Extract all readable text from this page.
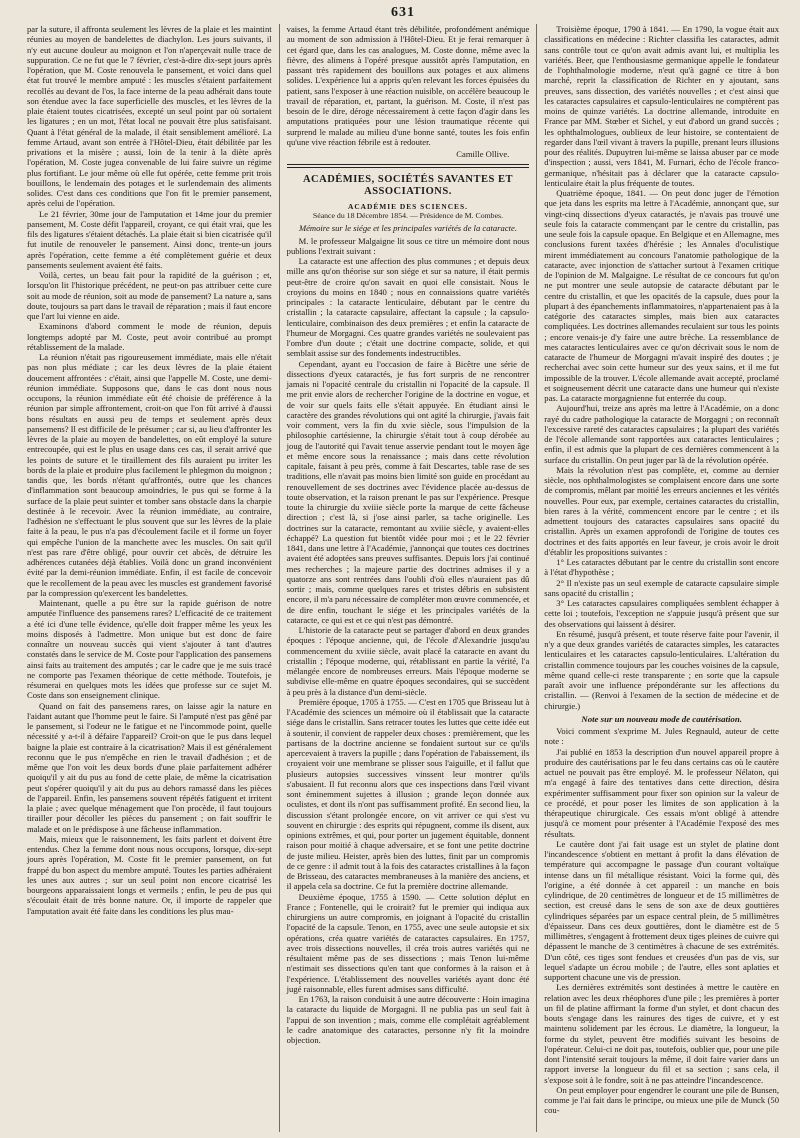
631

par la suture, il affronta seulement les lèvres de la plaie et les maintint réunies au moyen de bandelettes de diachylon. Les jours suivants, il n'y eut aucune douleur au moignon et l'on n'aperçevait nulle trace de suppuration. Ce ne fut que le 7 février, c'est-à-dire dix-sept jours après l'opération, que M. Coste renouvela le pansement, et voici dans quel état fut trouvé le membre amputé : les muscles s'étaient parfaitement recollés au devant de l'os, la face interne de la peau adhérait dans toute son étendue avec la face superficielle des muscles, et les lèvres de la plaie étaient toutes cicatrisées, excepté un seul point par où sortaient les ligatures ; en un mot, l'état local ne pouvait être plus satisfaisant. Quant à l'état général de la malade, il était sensiblement amélioré. La femme Artaud, avant son entrée à l'Hôtel-Dieu, était débilitée par les privations et la misère ; aussi, loin de la tenir à la diète après l'opération, M. Coste jugea convenable de lui faire suivre un régime plus fortifiant. Le jour même où elle fut opérée, cette femme prit trois bouillons, le lendemain des potages et le surlendemain des aliments solides. C'est dans ces conditions que l'on fit le premier pansement, après celui de l'opération.

Le 21 février, 30me jour de l'amputation et 14me jour du premier pansement, M. Coste défit l'appareil, croyant, ce qui était vrai, que les fils des ligatures s'étaient détachés. La plaie était si bien cicatrisée qu'il fut inutile de renouveler le pansement. Ainsi donc, trente-un jours après l'opération, cette femme a été complètement guérie et deux pansements seulement avaient été faits.

Voilà, certes, un beau fait pour la rapidité de la guérison ; et, lorsqu'on lit l'historique précédent, ne peut-on pas attribuer cette cure soit au mode de réunion, soit au mode de pansement? La nature a, sans doute, toujours sa part dans le travail de réparation ; mais il faut encore que l'art lui vienne en aide.

Examinons d'abord comment le mode de réunion, depuis longtemps adopté par M. Coste, peut avoir contribué au prompt rétablissement de la malade.

La réunion n'était pas rigoureusement immédiate, mais elle n'était pas non plus médiate ; car les deux lèvres de la plaie étaient doucement affrontées : c'était, ainsi que l'appelle M. Coste, une demi-réunion immédiate. Supposons que, dans le cas dont nous nous occupons, la réunion immédiate eût été choisie de préférence à la réunion par simple affrontement, croit-on que l'on fût arrivé à d'aussi bons résultats en aussi peu de temps et seulement après deux pansemens? Il est difficile de le présumer ; car si, au lieu d'affronter les lèvres de la plaie au moyen de bandelettes, on eût employé la suture entrecoupée, qui est le plus en usage dans ces cas, il serait arrivé que les points de suture et le tiraillement des fils auraient pu irriter les bords de la plaie et produire plus facilement le phlegmon du moignon ; tandis que, les bords n'étant qu'affrontés, outre que les chances d'inflammation sont beaucoup amoindries, le pus qui se forme à la surface de la plaie peut suinter et tomber sans obstacle dans la charpie destinée à le recevoir. Avec la réunion immédiate, au contraire, l'adhésion ne s'effectuant le plus souvent que sur les lèvres de la plaie faite à la peau, le pus n'a pas d'écoulement facile et il forme un foyer qui empêche l'union de la manchette avec les muscles. On sait qu'il n'est pas rare d'être obligé, pour ouvrir cet abcès, de détruire les adhérences cutanées déjà établies. Voilà donc un grand inconvénient évité par la demi-réunion immédiate. Enfin, il est facile de concevoir que le recollement de la peau avec les muscles est grandement favorisé par la compression qu'exercent les bandelettes.

Maintenant, quelle a pu être sur la rapide guérison de notre amputée l'influence des pansemens rares? L'efficacité de ce traitement a été ici d'une telle évidence, qu'elle doit frapper même les yeux les moins disposés à l'admettre. Mon unique but est donc de faire connaître un nouveau succès qui vient s'ajouter à tant d'autres constatés dans le service de M. Coste pour l'application des pansemens ainsi faits au traitement des amputés ; car le cadre que je me suis tracé ne comporte pas l'examen théorique de cette méthode. Toutefois, je résumerai en quelques mots les idées que professe sur ce sujet M. Coste dans son enseignement clinique.

Quand on fait des pansemens rares, on laisse agir la nature en l'aidant autant que l'homme peut le faire. Si l'amputé n'est pas gêné par le pansement, si l'odeur ne le fatigue et ne l'incommode point, quelle nécessité y a-t-il à défaire l'appareil? Croit-on que le pus dans lequel baigne la plaie est contraire à la cicatrisation? Mais il est généralement reconnu que le pus n'empêche en rien le travail d'adhésion ; et de même que l'on voit les deux bords d'une plaie parfaitement adhérer quoiqu'il y ait du pus au fond de cette plaie, de même la cicatrisation peut s'opérer quoiqu'il y ait du pus au dehors ramassé dans les pièces de l'appareil. Enfin, les pansemens souvent répétés fatiguent et irritent la plaie ; avec quelque ménagement que l'on procède, il faut toujours tirailler pour décoller les pièces du pansement ; on fait souffrir le malade et on le prédispose à une fâcheuse inflammation.

Mais, mieux que le raisonnement, les faits parlent et doivent être entendus. Chez la femme dont nous nous occupons, lorsque, dix-sept jours après l'opération, M. Coste fit le premier pansement, on fut frappé du bon aspect du membre amputé. Toutes les parties adhéraient les unes aux autres ; sur un seul point non encore cicatrisé les bourgeons apparaissaient longs et vermeils ; enfin, le peu de pus qui s'écoulait était de très bonne nature. Or, il importe de rappeler que l'amputation avait été faite dans les conditions les plus mau-

vaises, la femme Artaud étant très débilitée, profondément anémique au moment de son admission à l'Hôtel-Dieu. Et je ferai remarquer à cet égard que, dans les cas analogues, M. Coste donne, même avec la fièvre, des alimens à l'opéré presque aussitôt après l'amputation, en passant très rapidement des bouillons aux potages et aux alimens solides. L'expérience lui a appris qu'en relevant les forces épuisées du patient, sans l'exposer à une réaction nuisible, on accélère beaucoup le travail de réparation, et, partant, la guérison. M. Coste, il n'est pas besoin de le dire, déroge nécessairement à cette façon d'agir dans les amputations pratiquées pour une lésion traumatique récente qui surprend le malade au milieu d'une bonne santé, toutes les fois enfin qu'une vive réaction fébrile est à redouter.

Camille Ollive.
ACADÉMIES, SOCIÉTÉS SAVANTES ET ASSOCIATIONS.
ACADÉMIE DES SCIENCES.
Séance du 18 Décembre 1854. — Présidence de M. Combes.
Mémoire sur le siége et les principales variétés de la cataracte.

M. le professeur Malgaigne lit sous ce titre un mémoire dont nous publions l'extrait suivant :

La cataracte est une affection des plus communes ; et depuis deux mille ans qu'on théorise sur son siége et sur sa nature, il était permis peut-être de croire qu'on savait en quoi elle consistait. Nous le croyions du moins en 1840 ; nous en connaissions quatre variétés principales : la cataracte lenticulaire, débutant par le centre du cristallin ; la cataracte capsulaire, affectant la capsule ; la capsulo-lenticulaire, combinaison des deux premières ; et enfin la cataracte de l'humeur de Morgagni. Ces quatre grandes variétés ne soulevaient pas l'ombre d'un doute ; c'était une doctrine compacte, solide, et qui semblait assise sur des fondements indestructibles.

Cependant, ayant eu l'occasion de faire à Bicêtre une série de dissections d'yeux cataractés, je fus fort surpris de ne rencontrer jamais ni l'opacité centrale du cristallin ni l'opacité de la capsule. Il me prit envie alors de rechercher l'origine de la doctrine en vogue, et de voir sur quels faits elle s'était appuyée. En étudiant ainsi le caractère des grandes révolutions qui ont agité la chirurgie, j'avais fait voir comment, vers la fin du xvie siècle, sous l'impulsion de la philosophie cartésienne, la chirurgie s'était tout à coup dérobée au joug de l'autorité qui l'avait tenue asservie pendant tout le moyen âge et même encore sous la renaissance ; mais dans cette révolution capitale, faisant à peu près, comme à fait Descartes, table rase de ses traditions, elle n'avait pas moins bien limité son guide en procédant au renouvellement de ses doctrines avec l'évidence placée au-dessus de toute observation, et la raison prenant le pas sur l'expérience. Presque toute la chirurgie du xviiie siècle porte la marque de cette fâcheuse direction ; c'est là, si j'ose ainsi parler, sa tache originelle. Les doctrines sur la cataracte, remontant au xviiie siècle, y avaient-elles échappé? La question fut bientôt vidée pour moi ; et le 22 février 1841, dans une lettre à l'Académie, j'annonçai que toutes ces doctrines avaient été adoptées sans preuves suffisantes. Depuis lors j'ai continué mes recherches ; la majeure partie des doctrines admises il y a quatorze ans sont rentrées dans l'oubli d'où elles n'auraient pas dû sortir ; mais, comme quelques rares et tristes débris en subsistent encore, il m'a paru nécessaire de compléter mon œuvre commencée, et de dire enfin, touchant le siége et les principales variétés de la cataracte, ce qui est et ce qui n'est pas démontré.

L'historie de la cataracte peut se partager d'abord en deux grandes époques : l'époque ancienne, qui, de l'école d'Alexandrie jusqu'au commencement du xviiie siècle, avait placé la cataracte en avant du cristallin ; l'époque moderne, qui, rétablissant en partie la vérité, l'a mélangée encore de nombreuses erreurs. Mais l'époque moderne se subdivise elle-même en quatre époques secondaires, qui se succèdent à peu près à la distance d'un demi-siècle.

Première époque, 1705 à 1755. — C'est en 1705 que Brisseau lut à l'Académie des sciences un mémoire où il établissait que la cataracte siége dans le cristallin. Sans retracer toutes les luttes que cette idée eut à soutenir, il convient de rappeler deux choses : premièrement, que les partisans de la doctrine ancienne se fondaient surtout sur ce qu'ils apercevaient à travers la pupille ; dans l'opération de l'abaissement, ils croyaient voir une membrane se plisser sous l'aiguille, et il fallut que plusieurs autopsies successives vinssent leur montrer qu'ils s'abusaient. Il fut reconnu alors que ces inspections dans l'œil vivant sont éminemment sujettes à illusion ; grande leçon donnée aux oculistes, et dont ils n'ont pas suffisamment profité. En second lieu, la discussion s'étant prolongée encore, on vit arriver ce qui s'est vu souvent en chirurgie : des esprits qui répugnent, comme ils disent, aux opinions extrêmes, et qui, pour porter un jugement équitable, donnent raison pour moitié à chaque adversaire, et se font une petite doctrine de juste milieu. Heister, après bien des luttes, finit par un compromis de ce genre : il admit tout à la fois des cataractes cristallines à la façon de Brisseau, des cataractes membraneuses à la manière des anciens, et il appela cela sa doctrine. Ce fut la première doctrine allemande.

Deuxième époque, 1755 à 1590. — Cette solution déplut en France ; Fontenelle, qui le croirait? fut le premier qui indiqua aux chirurgiens un autre compromis, en joignant à l'opacité du cristallin l'opacité de la capsule. Tenon, en 1755, avec une seule autopsie et six opérations, créa quatre variétés de cataractes capsulaires. En 1757, avec trois dissections nouvelles, il créa trois autres variétés qui ne résultaient même pas de ses dissections ; mais Tenon lui-même n'estimait ses dissections qu'en tant que conformes à la raison et à l'expérience. L'établissement des nouvelles variétés ayant donc été jugé raisonnable, elles furent admises sans difficulté.

En 1763, la raison conduisit à une autre découverte : Hoin imagina la cataracte du liquide de Morgagni. Il ne publia pas un seul fait à l'appui de son invention ; mais, comme elle complétait agréablement le cadre anatomique des cataractes, personne n'y fit la moindre objection.

Troisième époque, 1790 à 1841. — En 1790, la vogue était aux classifications en médecine : Richter classifia les cataractes, admit sans contrôle tout ce qu'on avait admis avant lui, et multiplia les variétés. Beer, que l'enthousiasme germanique appelle le fondateur de l'ophthalmologie moderne, n'eut qu'à gagné ce titre à bon marché, reprit la classification de Richter en y ajoutant, sans preuves, sans dissection, des variétés nouvelles ; et c'est ainsi que les cataractes capsulaires et capsulo-lenticulaires ne comptèrent pas moins de quinze variétés. La doctrine allemande, introduite en France par MM. Stœber et Sichel, y eut d'abord un grand succès ; les ophthalmologues, oublieux de leur histoire, se contentaient de regarder dans l'œil vivant à travers la pupille, prenant leurs illusions pour des réalités. Dupuytren lui-même se laissa abuser par ce mode d'inspection ; aussi, vers 1841, M. Furnari, écho de l'école franco-germanique, n'hésitait pas à déclarer que la cataracte capsulo-lenticulaire était la plus fréquente de toutes.

Quatrième époque, 1841. — On peut donc juger de l'émotion que jeta dans les esprits ma lettre à l'Académie, annonçant que, sur vingt-cinq dissections d'yeux cataractés, je n'avais pas trouvé une seule fois la cataracte commençant par le centre du cristallin, pas une seule fois la capsule opaque. En Belgique et en Allemagne, mes conclusions furent taxées d'hérésie ; les Annales d'oculistique mirent immédiatement au concours l'anatomie pathologique de la cataracte, avec injonction de s'attacher surtout à l'examen critique de l'opinion de M. Malgaigne. Le résultat de ce concours fut qu'on ne put montrer une seule autopsie de cataracte débutant par le centre du cristallin, et que les opacités de la capsule, dues pour la plupart à des épanchements inflammatoires, n'appartenaient pas à la catégorie des cataractes simples, mais bien aux cataractes compliquées. Les doctrines allemandes reculaient sur tous les points ; encore venais-je d'y faire une autre brèche. La ressemblance de mes cataractes lenticulaires avec ce qu'on décrivait sous le nom de cataracte de l'humeur de Morgagni m'avait inspiré des doutes ; je recherchai avec soin cette humeur sur des yeux sains, et il me fut impossible de la trouver. L'école allemande avait accepté, proclamé et soigneusement décrit une cataracte dans une humeur qui n'existe pas. La cataracte morgagnienne fut enterrée du coup.

Aujourd'hui, treize ans après ma lettre à l'Académie, on a donc rayé du cadre pathologique la cataracte de Morgagni ; on reconnaît l'excessive rareté des cataractes capsulaires ; la plupart des variétés de l'école allemande sont rapportées aux cataractes lenticulaires ; enfin, il est admis que la plupart de ces dernières commencent à la surface du cristallin. On peut juger par là de la révolution opérée.

Mais la révolution n'est pas complète, et, comme au dernier siècle, nos ophthalmologistes se complaisent encore dans une sorte de compromis, mêlant par moitié les erreurs anciennes et les vérités nouvelles. Pour eux, par exemple, certaines cataractes du cristallin, bien rares à la vérité, commencent encore par le centre ; et ils admettent toujours des cataractes capsulaires sans opacité du cristallin. Après un examen approfondi de l'origine de toutes ces doctrines et des faits apportés en leur faveur, je crois avoir le droit d'établir les propositions suivantes :

1° Les cataractes débutant par le centre du cristallin sont encore à l'état d'hypothèse ;

2° Il n'existe pas un seul exemple de cataracte capsulaire simple sans opacité du cristallin ;

3° Les cataractes capsulaires compliquées semblent échapper à cette loi ; toutefois, l'exception ne s'appuie jusqu'à présent que sur des observations qui laissent à désirer.

En résumé, jusqu'à présent, et toute réserve faite pour l'avenir, il n'y a que deux grandes variétés de cataractes simples, les cataractes lenticulaires et les cataractes capsulo-lenticulaires. L'altération du cristallin commence toujours par les couches voisines de la capsule, même quand celle-ci reste transparente ; en sorte que la capsule paraît avoir une influence prépondérante sur les affections du cristallin. — (Renvoi à l'examen de la section de médecine et de chirurgie.)

Note sur un nouveau mode de cautérisation.

Voici comment s'exprime M. Jules Regnauld, auteur de cette note :

J'ai publié en 1853 la description d'un nouvel appareil propre à produire des cautérisations par le feu dans certains cas où le cautère actuel ne pouvait pas être employé. M. le professeur Nélaton, qui m'a engagé à faire des tentatives dans cette direction, désira expérimenter suffisamment pour fixer son opinion sur la valeur de ce procédé, et pour poser les limites de son application à la thérapeutique chirurgicale. Ces essais m'ont obligé à attendre jusqu'à ce moment pour présenter à l'Académie l'exposé des mes résultats.

Le cautère dont j'ai fait usage est un stylet de platine dont l'incandescence s'obtient en mettant à profit la dans élévation de température qui accompagne le passage d'un courant voltaïque intense dans un fil métallique résistant. Voici la forme qui, dès l'origine, a été donnée à cet appareil : un manche en bois cylindrique, de 20 centimètres de longueur et de 15 millimètres de section, est creusé dans le sens de son axe de deux gouttières cylindriques séparées par un espace central plein, de 5 millimètres d'épaisseur. Dans ces deux gouttières, dont le diamètre est de 5 millimètres, s'engagent à frottement deux tiges pleines de cuivre qui dépassent le manche de 3 centimètres à chacune de ses extrémités. D'un côté, ces tiges sont fendues et creusées d'un pas de vis, sur lequel s'adapte un écrou mobile ; de l'autre, elles sont aplaties et supportent chacune une vis de pression.

Les dernières extrémités sont destinées à mettre le cautère en relation avec les deux rhéophores d'une pile ; les premières à porter un fil de platine affirmant la forme d'un stylet, et dont chacun des bouts s'engage dans les rainures des tiges de cuivre, et y est maintenu solidement par les écrous. Le diamètre, la longueur, la forme du stylet, peuvent être modifiés suivant les besoins de l'opérateur. Celui-ci ne doit pas, toutefois, oublier que, pour une pile dont l'intensité serait toujours la même, il doit faire varier dans un rapport inverse la longueur du fil et sa section ; sans cela, il s'expose soit à le fondre, soit à ne pas atteindre l'incandescence.

On peut employer pour engendrer le courant une pile de Bunsen, comme je l'ai fait dans le principe, ou mieux une pile de Munck (50 cou-
